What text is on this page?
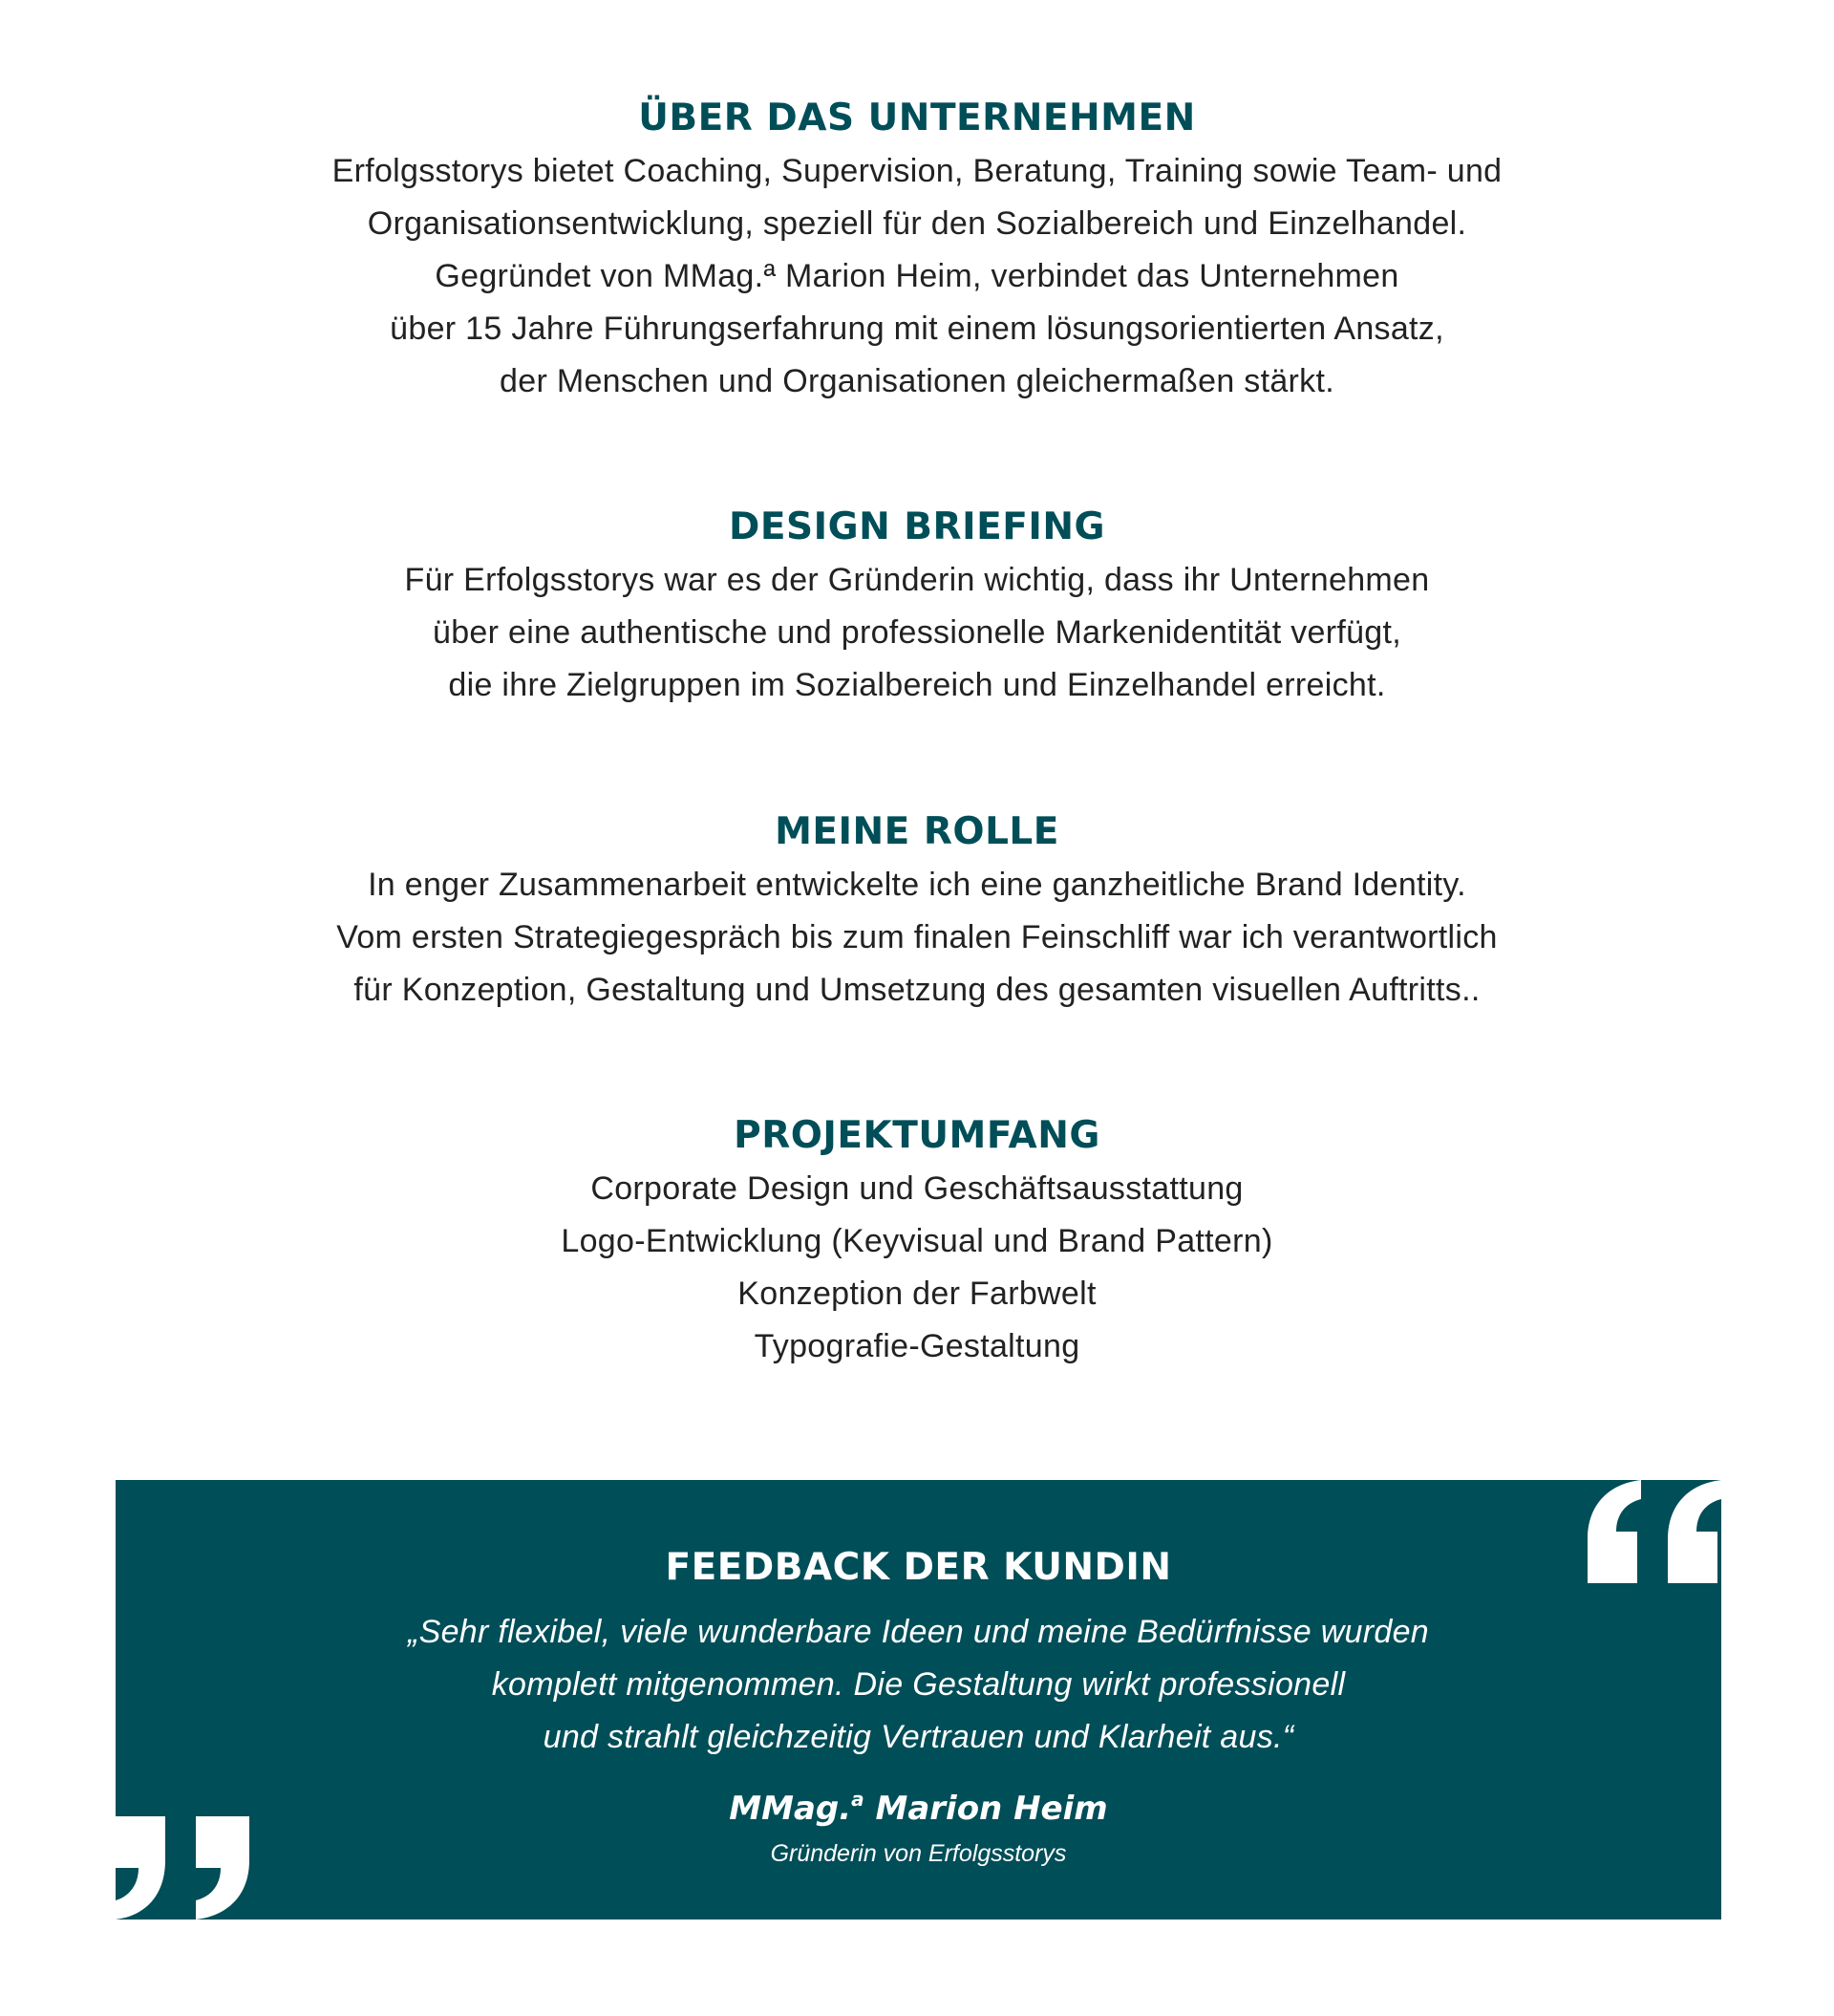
ÜBER DAS UNTERNEHMEN
Erfolgsstorys bietet Coaching, Supervision, Beratung, Training sowie Team- und
Organisationsentwicklung, speziell für den Sozialbereich und Einzelhandel.
Gegründet von MMag.ª Marion Heim, verbindet das Unternehmen
über 15 Jahre Führungserfahrung mit einem lösungsorientierten Ansatz,
der Menschen und Organisationen gleichermaßen stärkt.
DESIGN BRIEFING
Für Erfolgsstorys war es der Gründerin wichtig, dass ihr Unternehmen
über eine authentische und professionelle Markenidentität verfügt,
die ihre Zielgruppen im Sozialbereich und Einzelhandel erreicht.
MEINE ROLLE
In enger Zusammenarbeit entwickelte ich eine ganzheitliche Brand Identity.
Vom ersten Strategiegespräch bis zum finalen Feinschliff war ich verantwortlich
für Konzeption, Gestaltung und Umsetzung des gesamten visuellen Auftritts..
PROJEKTUMFANG
Corporate Design und Geschäftsausstattung
Logo-Entwicklung (Keyvisual und Brand Pattern)
Konzeption der Farbwelt
Typografie-Gestaltung
FEEDBACK DER KUNDIN
„Sehr flexibel, viele wunderbare Ideen und meine Bedürfnisse wurden
komplett mitgenommen. Die Gestaltung wirkt professionell
und strahlt gleichzeitig Vertrauen und Klarheit aus.“
MMag.$^a$ Marion Heim
Gründerin von Erfolgsstorys
